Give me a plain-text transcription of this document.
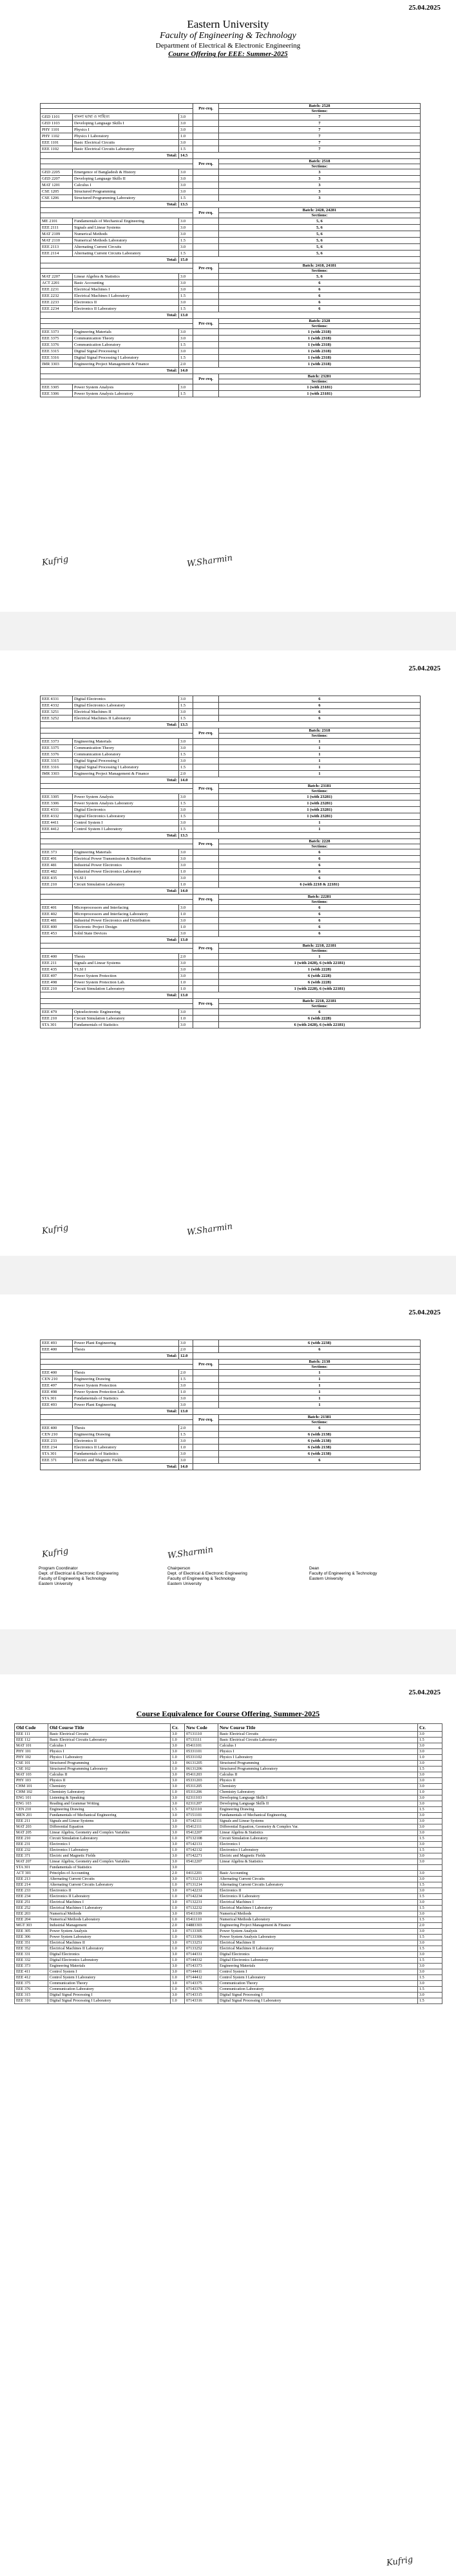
25.04.2025
Eastern University
Faculty of Engineering & Technology
Department of Electrical & Electronic Engineering
Course Offering for EEE: Summer-2025
			Pre-req.	Batch: 2528
				Sections:
GED 1101	বাংলা ভাষা ও সাহিত্য	3.0		7
GED 1103	Developing Language Skills I	3.0		7
PHY 1101	Physics I	3.0		7
PHY 1102	Physics I Laboratory	1.0		7
EEE 1101	Basic Electrical Circuits	3.0		7
EEE 1102	Basic Electrical Circuits Laboratory	1.5		7
Total:		14.5		
			Pre-req.	Batch: 2518
				Sections:
GED 2205	Emergence of Bangladesh & History	3.0		3
GED 2207	Developing Language Skills II	3.0		3
MAT 1201	Calculus I	3.0		3
CSE 1205	Structured Programming	3.0		3
CSE 1206	Structured Programming Laboratory	1.5		3
Total:		13.5		
			Pre-req.	Batch: 2428, 24281
				Sections:
ME 2101	Fundamentals of Mechanical Engineering	3.0		5, 6
EEE 2111	Signals and Linear Systems	3.0		5, 6
MAT 2109	Numerical Methods	3.0		5, 6
MAT 2110	Numerical Methods Laboratory	1.5		5, 6
EEE 2113	Alternating Current Circuits	3.0		5, 6
EEE 2114	Alternating Current Circuits Laboratory	1.5		5, 6
Total:		15.0		
			Pre-req.	Batch: 2418, 24181
				Sections:
MAT 2207	Linear Algebra & Statistics	3.0		5, 6
ACT 2201	Basic Accounting	3.0		6
EEE 2231	Electrical Machines I	3.0		6
EEE 2232	Electrical Machines I Laboratory	1.5		6
EEE 2233	Electronics II	3.0		6
EEE 2234	Electronics II Laboratory	1.5		6
Total:		13.0		
			Pre-req.	Batch: 2328
				Sections:
EEE 3373	Engineering Materials	3.0		1 (with 2318)
EEE 3375	Communication Theory	3.0		1 (with 2318)
EEE 3376	Communication Laboratory	1.5		1 (with 2318)
EEE 3315	Digital Signal Processing I	3.0		1 (with 2318)
EEE 3316	Digital Signal Processing I Laboratory	1.5		1 (with 2318)
IMR 3303	Engineering Project Management & Finance	2.0		1 (with 2318)
Total:		14.0		
			Pre-req.	Batch: 23281
				Sections:
EEE 3305	Power System Analysis	3.0		1 (with 23181)
EEE 3306	Power System Analysis Laboratory	1.5		1 (with 23181)
Kufrig	W.Sharmin
25.04.2025
EEE 4331	Digital Electronics	3.0		6
EEE 4332	Digital Electronics Laboratory	1.5		6
EEE 3251	Electrical Machines II	3.0		6
EEE 3252	Electrical Machines II Laboratory	1.5		6
Total:		13.5		
			Pre-req.	Batch: 2318
				Sections:
EEE 3373	Engineering Materials	3.0		1
EEE 3375	Communication Theory	3.0		1
EEE 3376	Communication Laboratory	1.5		1
EEE 3315	Digital Signal Processing I	3.0		1
EEE 3316	Digital Signal Processing I Laboratory	1.5		1
IMR 3303	Engineering Project Management & Finance	2.0		1
Total:		14.0		
			Pre-req.	Batch: 23181
				Sections:
EEE 3305	Power System Analysis	3.0		1 (with 23281)
EEE 3306	Power System Analysis Laboratory	1.5		1 (with 23281)
EEE 4331	Digital Electronics	3.0		1 (with 23281)
EEE 4332	Digital Electronics Laboratory	1.5		1 (with 23281)
EEE 4411	Control System I	3.0		1
EEE 4412	Control System I Laboratory	1.5		1
Total:		13.5		
			Pre-req.	Batch: 2228
				Sections:
EEE 373	Engineering Materials	3.0		6
EEE 491	Electrical Power Transmission & Distribution	3.0		6
EEE 481	Industrial Power Electronics	3.0		6
EEE 482	Industrial Power Electronics Laboratory	1.0		6
EEE 435	VLSI I	3.0		6
EEE 210	Circuit Simulation Laboratory	1.0		6 (with 2218 & 22181)
Total:		14.0		
			Pre-req.	Batch: 22281
				Sections:
EEE 401	Microprocessors and Interfacing	3.0		6
EEE 402	Microprocessors and Interfacing Laboratory	1.0		6
EEE 481	Industrial Power Electronics and Distribution	3.0		6
EEE 400	Electronic Project Design	1.0		6
EEE 453	Solid State Devices	3.0		6
Total:		13.0		
			Pre-req.	Batch: 2218, 22181
				Sections:
EEE 400	Thesis	2.0		1
EEE 211	Signals and Linear Systems	3.0		1 (with 2428), 6 (with 22181)
EEE 435	VLSI I	3.0		1 (with 2228)
EEE 497	Power System Protection	3.0		6 (with 2228)
EEE 498	Power System Protection Lab.	1.0		6 (with 2228)
EEE 210	Circuit Simulation Laboratory	1.0		1 (with 2228), 6 (with 22181)
Total:		13.0		
			Pre-req.	Batch: 2218, 22181
				Sections:
EEE 479	Optoelectronic Engineering	3.0		6
EEE 210	Circuit Simulation Laboratory	1.0		6 (with 2228)
STA 301	Fundamentals of Statistics	3.0		6 (with 2428), 6 (with 22181)
Kufrig	W.Sharmin
25.04.2025
EEE 493	Power Plant Engineering	3.0		6 (with 2238)
EEE 400	Thesis	2.0		6
Total:		12.0		
			Pre-req.	Batch: 2138
				Sections:
EEE 400	Thesis	2.0		1
CEN 210	Engineering Drawing	1.5		1
EEE 497	Power System Protection	3.0		1
EEE 498	Power System Protection Lab.	1.0		1
STA 301	Fundamentals of Statistics	3.0		1
EEE 493	Power Plant Engineering	3.0		1
Total:		13.0		
			Pre-req.	Batch: 21381
				Sections:
EEE 400	Thesis	2.0		6
CEN 210	Engineering Drawing	1.5		6 (with 2138)
EEE 233	Electronics II	3.0		6 (with 2138)
EEE 234	Electronics II Laboratory	1.0		6 (with 2138)
STA 301	Fundamentals of Statistics	3.0		6 (with 2138)
EEE 371	Electric and Magnetic Fields	3.0		6
Total:		14.0		
Kufrig	W.Sharmin
Program Coordinator
Dept. of Electrical & Electronic Engineering
Faculty of Engineering & Technology
Eastern University
Chairperson
Dept. of Electrical & Electronic Engineering
Faculty of Engineering & Technology
Eastern University
Dean
Faculty of Engineering & Technology
Eastern University
25.04.2025
Course Equivalence for Course Offering, Summer-2025
Old Code	Old Course Title	Cr.	New Code	New Course Title	Cr.
EEE 111	Basic Electrical Circuits	3.0	07131110	Basic Electrical Circuits	3.0
EEE 112	Basic Electrical Circuits Laboratory	1.0	07131111	Basic Electrical Circuits Laboratory	1.5
MAT 101	Calculus I	3.0	05411101	Calculus I	3.0
PHY 101	Physics I	3.0	05331101	Physics I	3.0
PHY 102	Physics I Laboratory	1.0	05331102	Physics I Laboratory	1.0
CSE 101	Structured Programming	3.0	06131205	Structured Programming	3.0
CSE 102	Structured Programming Laboratory	1.0	06131206	Structured Programming Laboratory	1.5
MAT 103	Calculus II	3.0	05411203	Calculus II	3.0
PHY 103	Physics II	3.0	05331203	Physics II	3.0
CHM 101	Chemistry	3.0	05311205	Chemistry	3.0
CHM 102	Chemistry Laboratory	1.0	05311206	Chemistry Laboratory	1.0
ENG 101	Listening & Speaking	3.0	02311103	Developing Language Skills I	3.0
ENG 103	Reading and Grammar Writing	3.0	02311207	Developing Language Skills II	3.0
CEN 210	Engineering Drawing	1.5	07321110	Engineering Drawing	1.5
MEN 201	Fundamentals of Mechanical Engineering	3.0	07151101	Fundamentals of Mechanical Engineering	3.0
EEE 211	Signals and Linear Systems	3.0	07142111	Signals and Linear Systems	3.0
MAT 203	Differential Equation	3.0	05412111	Differential Equation, Geometry & Complex Var.	3.0
MAT 205	Linear Algebra, Geometry and Complex Variables	3.0	05412207	Linear Algebra & Statistics	3.0
EEE 210	Circuit Simulation Laboratory	1.0	07132108	Circuit Simulation Laboratory	1.5
EEE 231	Electronics I	3.0	07142131	Electronics I	3.0
EEE 232	Electronics I Laboratory	1.0	07142132	Electronics I Laboratory	1.5
EEE 371	Electric and Magnetic Fields	3.0	07142271	Electric and Magnetic Fields	3.0
MAT 207	Linear Algebra, Geometry and Complex Variables	3.0	05412207	Linear Algebra & Statistics	3.0
STA 301	Fundamentals of Statistics	3.0			
ACT 301	Principles of Accounting	2.0	04112201	Basic Accounting	3.0
EEE 213	Alternating Current Circuits	3.0	07131213	Alternating Current Circuits	3.0
EEE 214	Alternating Current Circuits Laboratory	1.0	07131214	Alternating Current Circuits Laboratory	1.5
EEE 233	Electronics II	3.0	07142233	Electronics II	3.0
EEE 234	Electronics II Laboratory	1.0	07142234	Electronics II Laboratory	1.5
EEE 251	Electrical Machines I	3.0	07132231	Electrical Machines I	3.0
EEE 252	Electrical Machines I Laboratory	1.0	07132232	Electrical Machines I Laboratory	1.5
EEE 203	Numerical Methods	3.0	05411109	Numerical Methods	3.0
EEE 204	Numerical Methods Laboratory	1.0	05411110	Numerical Methods Laboratory	1.5
MGT 303	Industrial Management	2.0	04883303	Engineering Project Management & Finance	2.0
EEE 305	Power System Analysis	3.0	07133305	Power System Analysis	3.0
EEE 306	Power System Laboratory	1.0	07133306	Power System Analysis Laboratory	1.5
EEE 351	Electrical Machines II	3.0	07133251	Electrical Machines II	3.0
EEE 352	Electrical Machines II Laboratory	1.0	07133252	Electrical Machines II Laboratory	1.5
EEE 331	Digital Electronics	3.0	07144331	Digital Electronics	3.0
EEE 332	Digital Electronics Laboratory	1.0	07144332	Digital Electronics Laboratory	1.5
EEE 373	Engineering Materials	3.0	07143373	Engineering Materials	3.0
EEE 411	Control System I	3.0	07144411	Control System I	3.0
EEE 412	Control System I Laboratory	1.0	07144412	Control System I Laboratory	1.5
EEE 375	Communication Theory	3.0	07143375	Communication Theory	3.0
EEE 376	Communication Laboratory	1.0	07143376	Communication Laboratory	1.5
EEE 315	Digital Signal Processing I	3.0	07143315	Digital Signal Processing I	3.0
EEE 316	Digital Signal Processing I Laboratory	1.0	07143316	Digital Signal Processing I Laboratory	1.5
Kufrig
